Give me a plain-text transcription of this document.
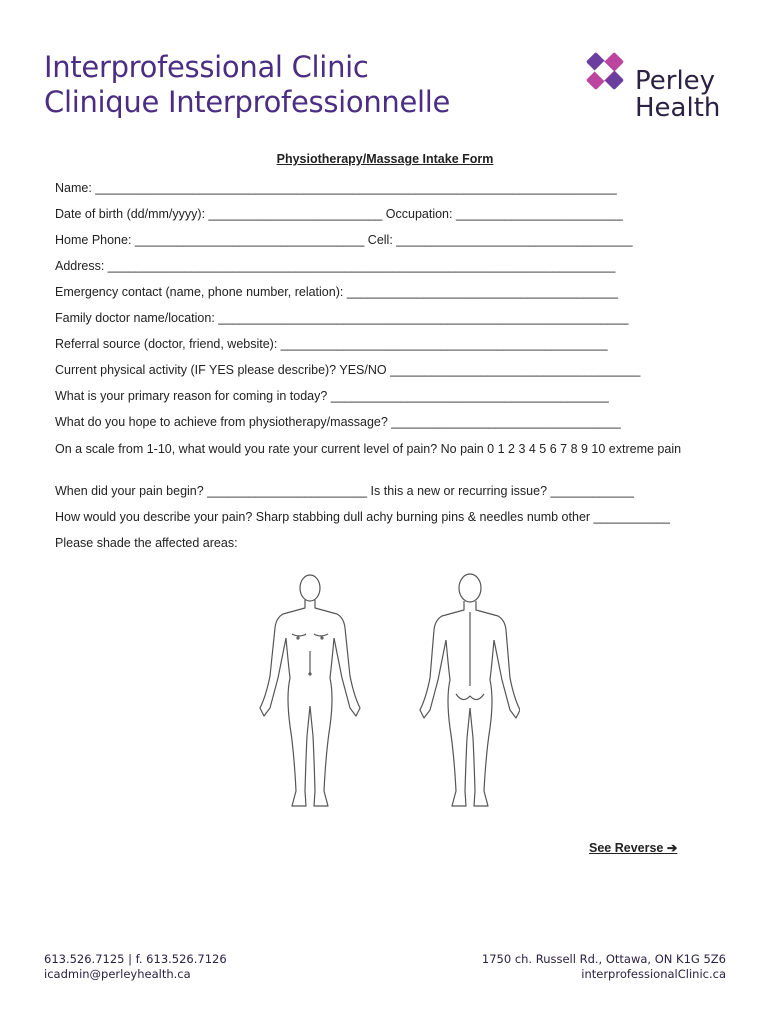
Interprofessional Clinic
Clinique Interprofessionnelle
Perley
Health
Physiotherapy/Massage Intake Form
Name: ___________________________________________________________________________
Date of birth (dd/mm/yyyy): _________________________ Occupation: ________________________
Home Phone: _________________________________ Cell: __________________________________
Address: _________________________________________________________________________
Emergency contact (name, phone number, relation): _______________________________________
Family doctor name/location: ___________________________________________________________
Referral source (doctor, friend, website): _______________________________________________
Current physical activity (IF YES please describe)? YES/NO ____________________________________
What is your primary reason for coming in today? ________________________________________
What do you hope to achieve from physiotherapy/massage? _________________________________
On a scale from 1-10, what would you rate your current level of pain? No pain 0 1 2 3 4 5 6 7 8 9 10 extreme pain
When did your pain begin? _______________________ Is this a new or recurring issue? ____________
How would you describe your pain? Sharp stabbing dull achy burning pins & needles numb other ___________
Please shade the affected areas:
See Reverse ➔
613.526.7125 | f. 613.526.7126
icadmin@perleyhealth.ca
1750 ch. Russell Rd., Ottawa, ON K1G 5Z6
interprofessionalClinic.ca
